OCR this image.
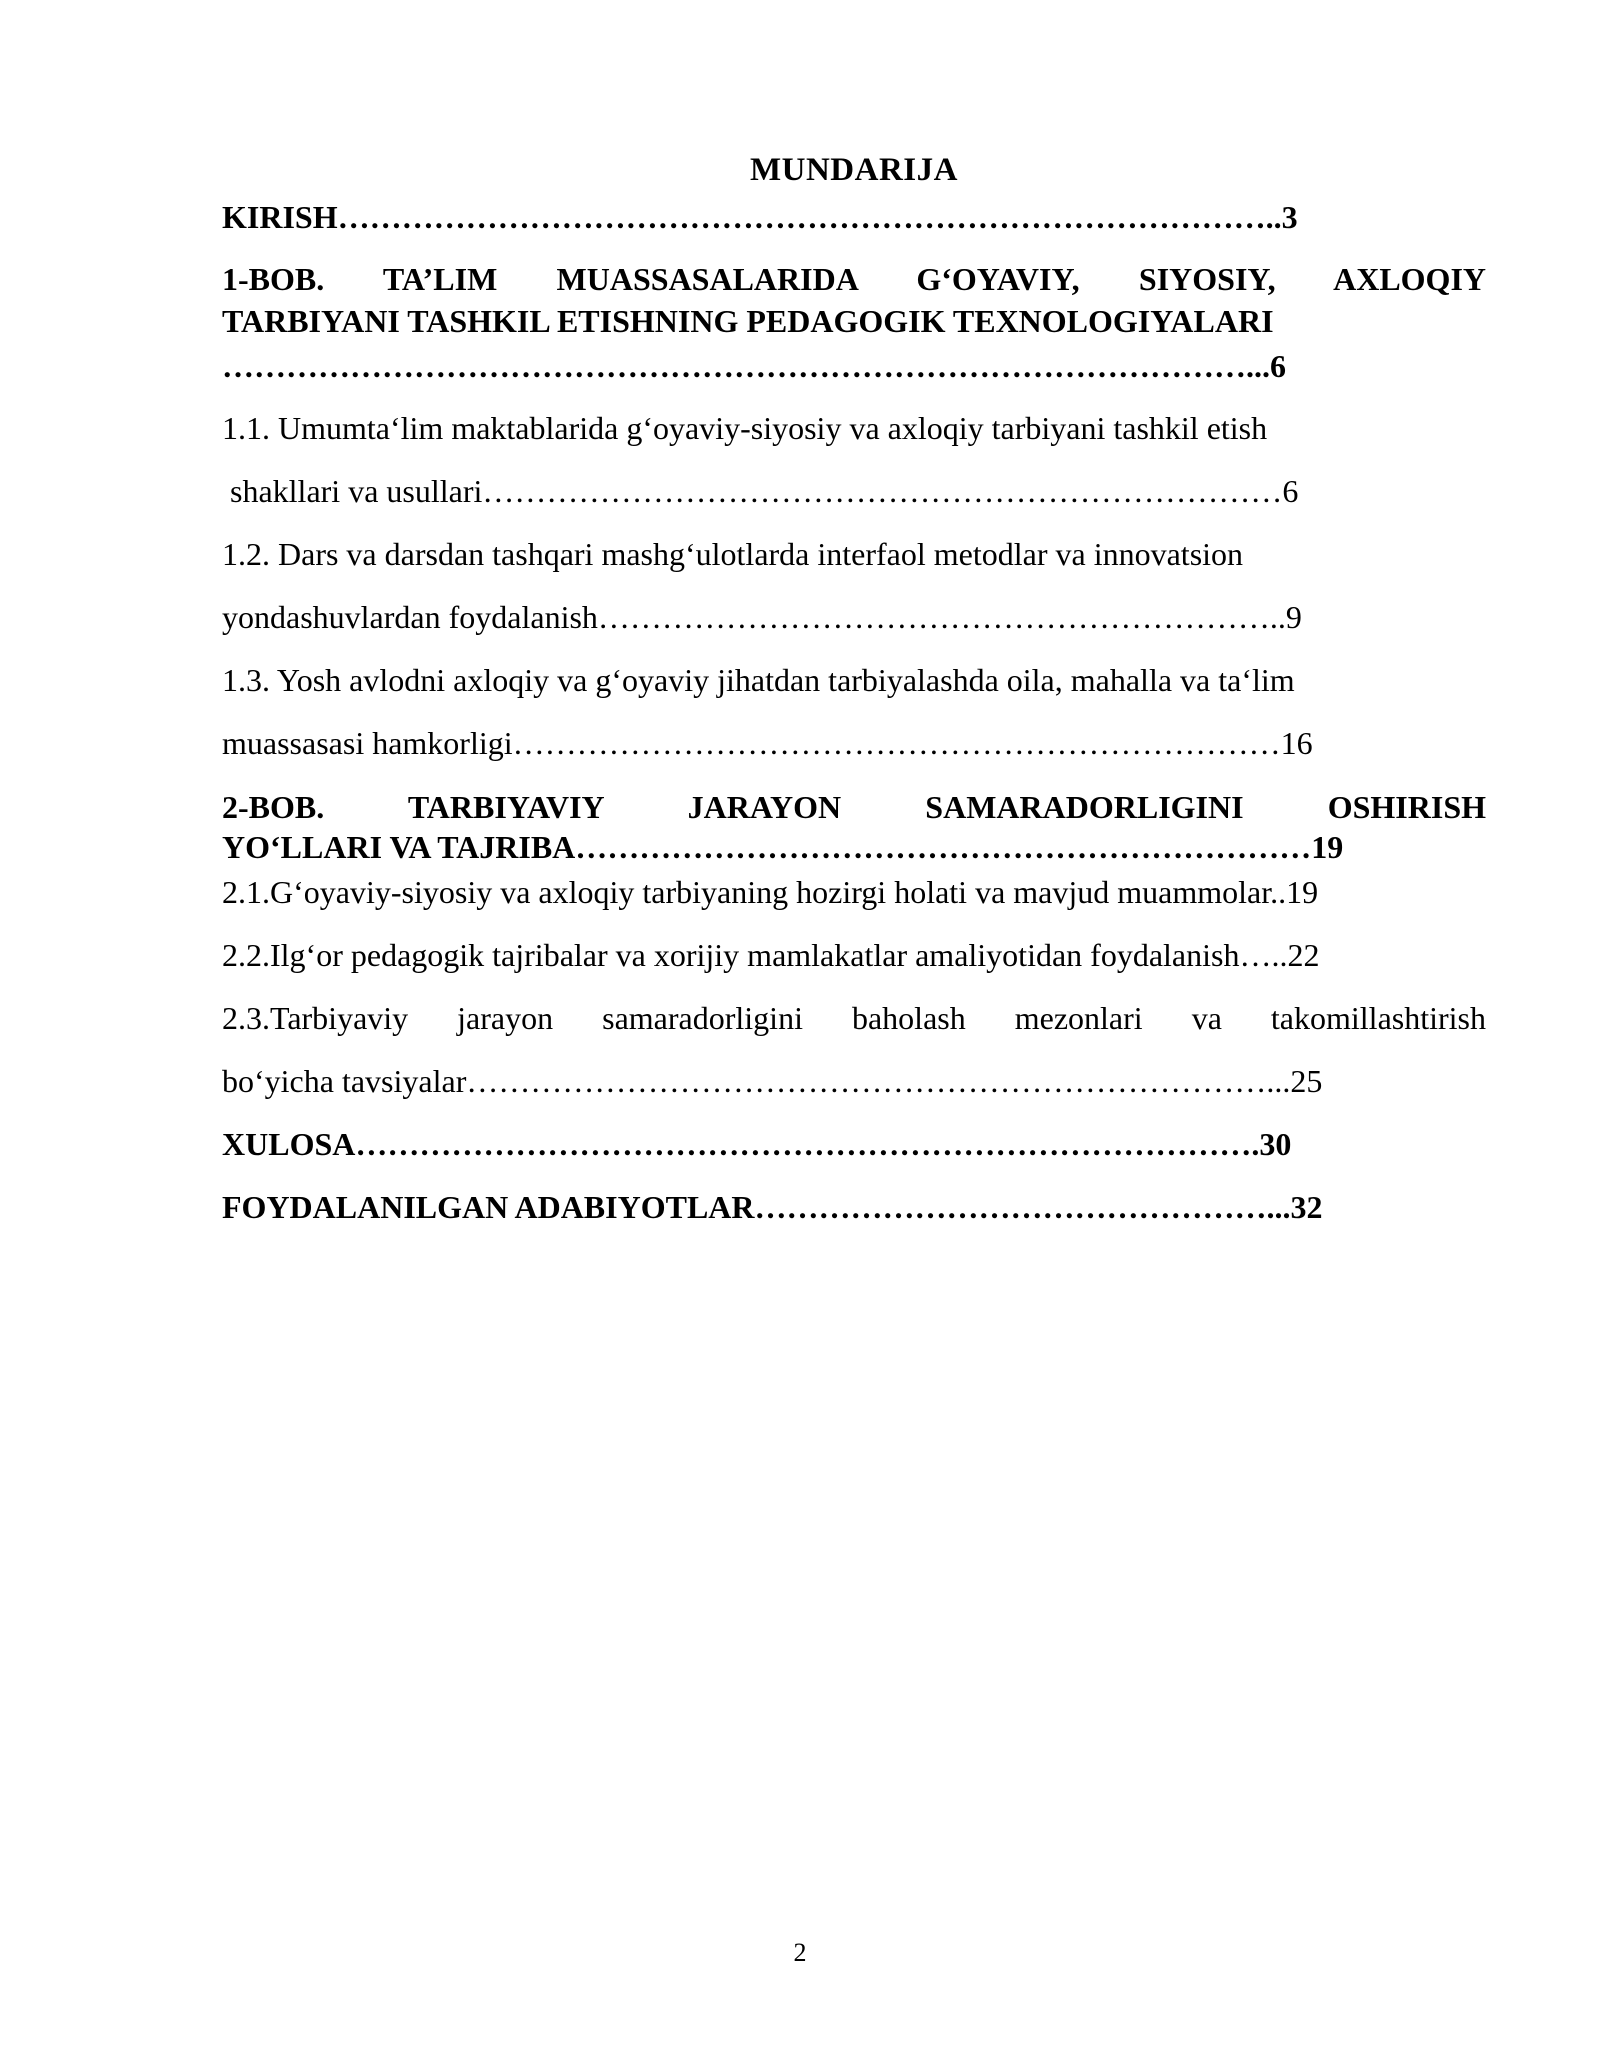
MUNDARIJA
KIRISH……………………………………………………………………………..3
1-BOB. TA’LIM MUASSASALARIDA G‘OYAVIY, SIYOSIY, AXLOQIY
TARBIYANI TASHKIL ETISHNING PEDAGOGIK TEXNOLOGIYALARI
……………………………………………………………………………………...6
1.1. Umumta‘lim maktablarida g‘oyaviy-siyosiy va axloqiy tarbiyani tashkil etish
shakllari va usullari…………………………………………………………………6
1.2. Dars va darsdan tashqari mashg‘ulotlarda interfaol metodlar va innovatsion
yondashuvlardan foydalanish………………………………………………………..9
1.3. Yosh avlodni axloqiy va g‘oyaviy jihatdan tarbiyalashda oila, mahalla va ta‘lim
muassasasi hamkorligi………………………………………………………………16
2-BOB. TARBIYAVIY JARAYON SAMARADORLIGINI OSHIRISH
YO‘LLARI VA TAJRIBA……………………………………………………………19
2.1.G‘oyaviy-siyosiy va axloqiy tarbiyaning hozirgi holati va mavjud muammolar..19
2.2.Ilg‘or pedagogik tajribalar va xorijiy mamlakatlar amaliyotidan foydalanish…..22
2.3.Tarbiyaviy jarayon samaradorligini baholash mezonlari va takomillashtirish
bo‘yicha tavsiyalar…………………………………………………………………...25
XULOSA………………………………………………………………………….30
FOYDALANILGAN ADABIYOTLAR…………………………………………...32
2
